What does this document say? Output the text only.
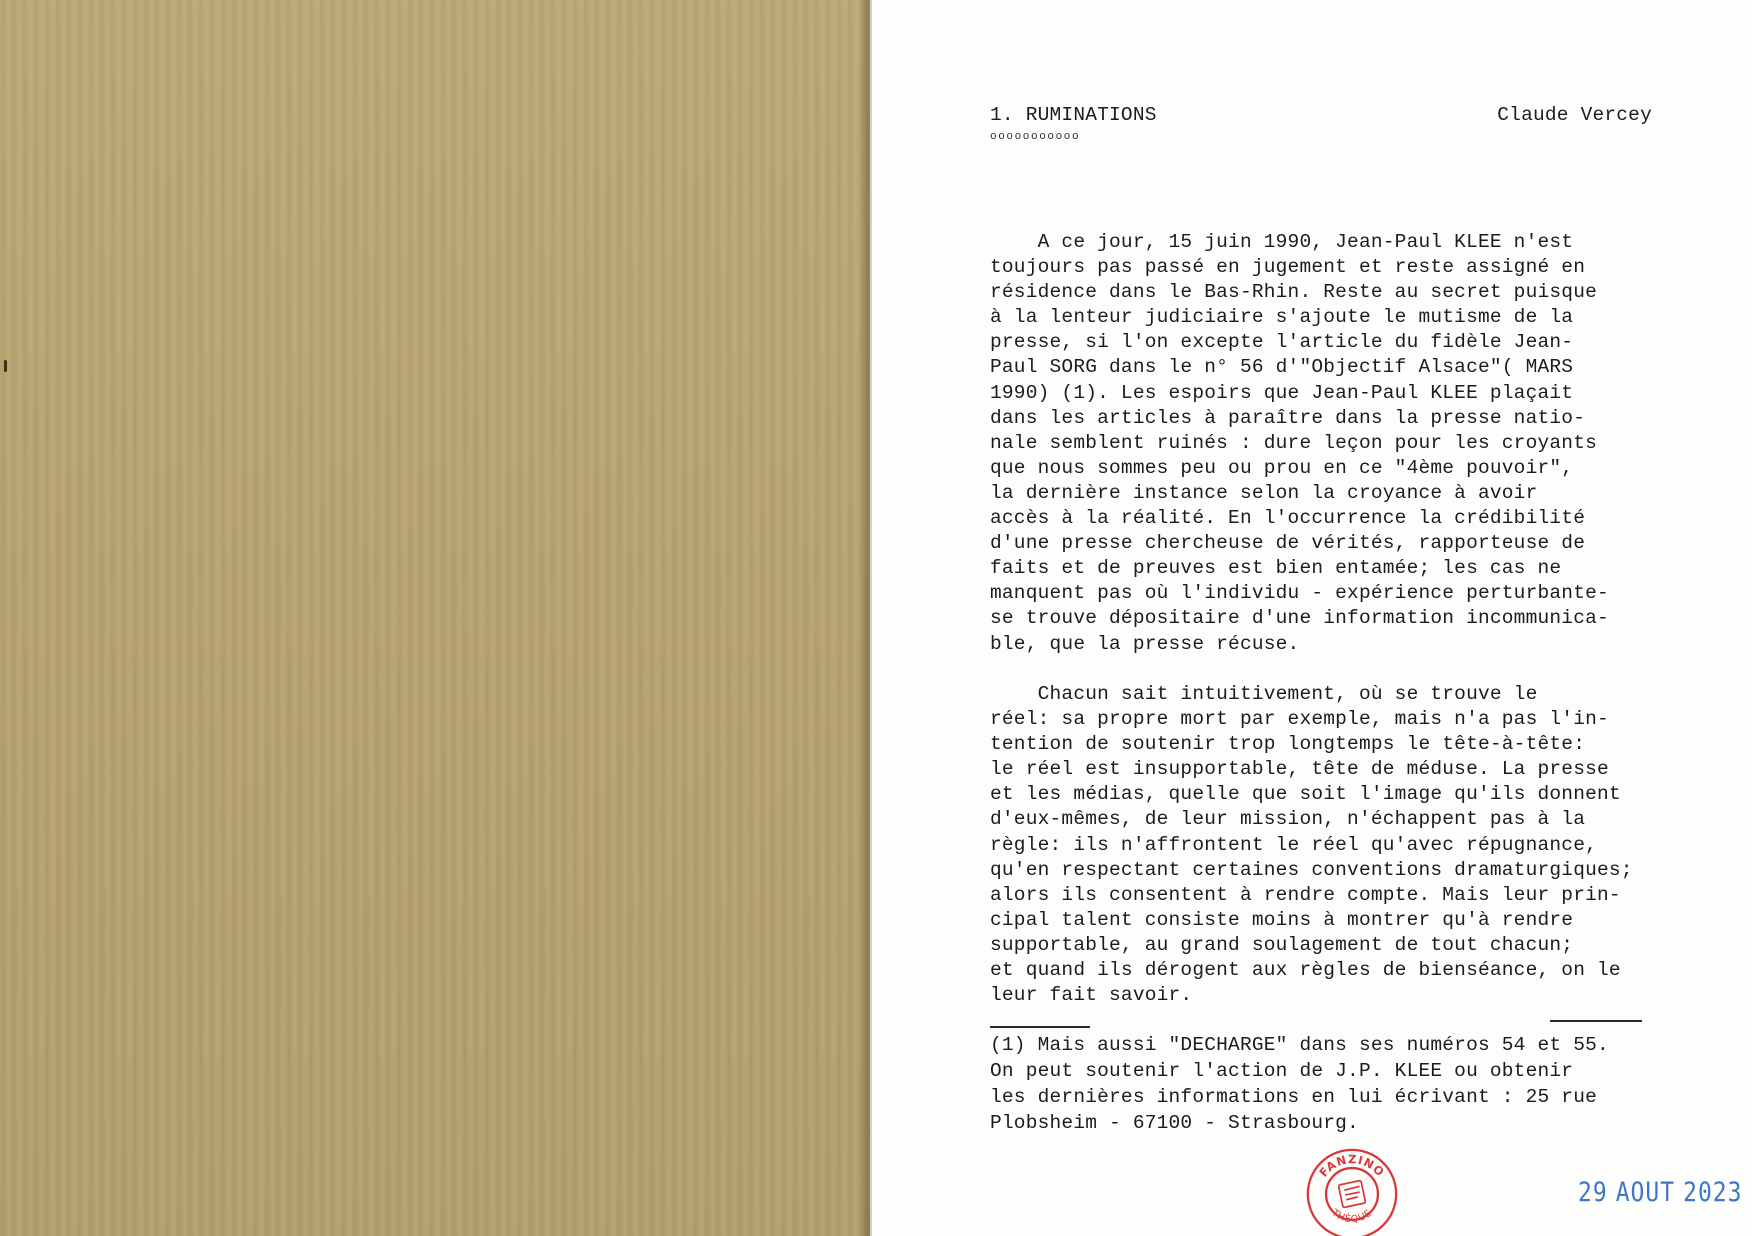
1. RUMINATIONS

ooooooooooo

Claude Vercey

A ce jour, 15 juin 1990, Jean-Paul KLEE n'est
toujours pas passé en jugement et reste assigné en
résidence dans le Bas-Rhin. Reste au secret puisque
à la lenteur judiciaire s'ajoute le mutisme de la
presse, si l'on excepte l'article du fidèle Jean-
Paul SORG dans le n° 56 d'"Objectif Alsace"( MARS
1990) (1). Les espoirs que Jean-Paul KLEE plaçait
dans les articles à paraître dans la presse natio-
nale semblent ruinés : dure leçon pour les croyants
que nous sommes peu ou prou en ce "4ème pouvoir",
la dernière instance selon la croyance à avoir
accès à la réalité. En l'occurrence la crédibilité
d'une presse chercheuse de vérités, rapporteuse de
faits et de preuves est bien entamée; les cas ne
manquent pas où l'individu - expérience perturbante-
se trouve dépositaire d'une information incommunica-
ble, que la presse récuse.
Chacun sait intuitivement, où se trouve le
réel: sa propre mort par exemple, mais n'a pas l'in-
tention de soutenir trop longtemps le tête-à-tête:
le réel est insupportable, tête de méduse. La presse
et les médias, quelle que soit l'image qu'ils donnent
d'eux-mêmes, de leur mission, n'échappent pas à la
règle: ils n'affrontent le réel qu'avec répugnance,
qu'en respectant certaines conventions dramaturgiques;
alors ils consentent à rendre compte. Mais leur prin-
cipal talent consiste moins à montrer qu'à rendre
supportable, au grand soulagement de tout chacun;
et quand ils dérogent aux règles de bienséance, on le
leur fait savoir.
(1) Mais aussi "DECHARGE" dans ses numéros 54 et 55.
On peut soutenir l'action de J.P. KLEE ou obtenir
les dernières informations en lui écrivant : 25 rue
Plobsheim - 67100 - Strasbourg.
FANZINO
THÈQUE
29 AOUT 2023
